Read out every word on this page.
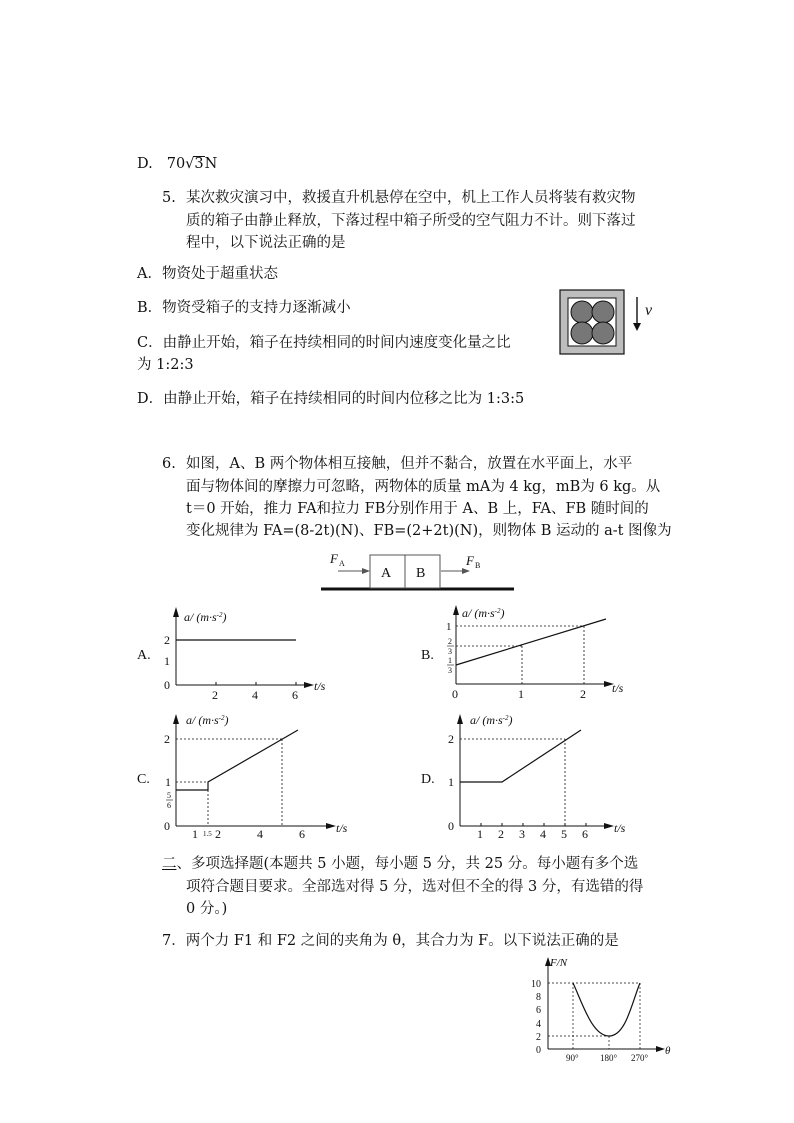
D. 70√3N
5. 某次救灾演习中，救援直升机悬停在空中，机上工作人员将装有救灾物
质的箱子由静止释放，下落过程中箱子所受的空气阻力不计。则下落过
程中，以下说法正确的是
A．物资处于超重状态
B．物资受箱子的支持力逐渐减小
C．由静止开始，箱子在持续相同的时间内速度变化量之比
为 1:2:3
D．由静止开始，箱子在持续相同的时间内位移之比为 1:3:5
v
6. 如图，A、B 两个物体相互接触，但并不黏合，放置在水平面上，水平
面与物体间的摩擦力可忽略，两物体的质量 mA为 4 kg，mB为 6 kg。从
t＝0 开始，推力 FA和拉力 FB分别作用于 A、B 上，FA、FB 随时间的
变化规律为 FA=(8-2t)(N)、FB=(2+2t)(N)，则物体 B 运动的 a-t 图像为
A B
F A	F B
A.
a/ $(m\cdot s^{-2})$
2
1
0
2	4	6
t/s
B.
a/ $(m\cdot s^{-2})$
1
2
3
1
3
0	1	2 t/s
C.
a/ $(m\cdot s^{-2})$
2
1
5
6
0
1 1.5 2	4	6	t/s
D.
a/ $(m\cdot s^{-2})$
2
1
0
1 2 3 4 5 6 t/s
二、多项选择题(本题共 5 小题，每小题 5 分，共 25 分。每小题有多个选
项符合题目要求。全部选对得 5 分，选对但不全的得 3 分，有选错的得
0 分。)
7．两个力 F1 和 F2 之间的夹角为 θ，其合力为 F。以下说法正确的是
F/N
10
8
6
4
2
0
90° 180° 270°
θ
